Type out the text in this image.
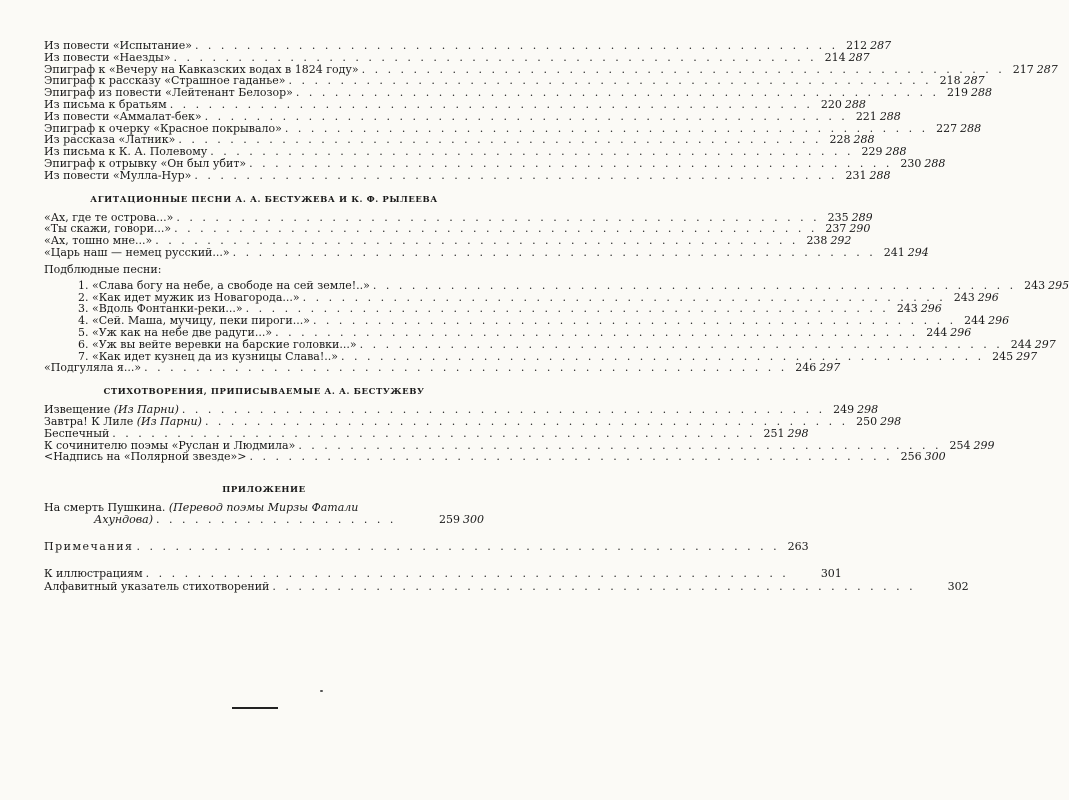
Из повести «Испытание» . . .	212 287
Из повести «Наезды» . . .	214 287
Эпиграф к «Вечеру на Кавказских водах в 1824 году» . . .	217 287
Эпиграф к рассказу «Страшное гаданье» . . .	218 287
Эпиграф из повести «Лейтенант Белозор» . . .	219 288
Из письма к братьям . . .	220 288
Из повести «Аммалат-бек» . . .	221 288
Эпиграф к очерку «Красное покрывало» . . .	227 288
Из рассказа «Латник» . . .	228 288
Из письма к К. А. Полевому . . .	229 288
Эпиграф к отрывку «Он был убит» . . .	230 288
Из повести «Мулла-Нур» . . .	231 288
АГИТАЦИОННЫЕ ПЕСНИ А. А. БЕСТУЖЕВА И К. Ф. РЫЛЕЕВА
«Ах, где те острова...» . . .	235 289
«Ты скажи, говори...» . . .	237 290
«Ах, тошно мне...» . . .	238 292
«Царь наш — немец русский...» . . .	241 294
Подблюдные песни:
1. «Слава богу на небе, а свободе на сей земле!..» . . .	243 295
2. «Как идет мужик из Новагорода...» . . .	243 296
3. «Вдоль Фонтанки-реки...» . . .	243 296
4. «Сей. Маша, мучицу, пеки пироги...» . . .	244 296
5. «Уж как на небе две радуги...» . . .	244 296
6. «Уж вы вейте веревки на барские головки...» . . .	244 297
7. «Как идет кузнец да из кузницы Слава!..» . . .	245 297
«Подгуляла я...» . . .	246 297
СТИХОТВОРЕНИЯ, ПРИПИСЫВАЕМЫЕ А. А. БЕСТУЖЕВУ
Извещение (Из Парни) . . .	249 298
Завтра! К Лиле (Из Парни) . . .	250 298
Беспечный . . .	251 298
К сочинителю поэмы «Руслан и Людмила» . . .	254 299
<Надпись на «Полярной звезде»> . . .	256 300
ПРИЛОЖЕНИЕ
На смерть Пушкина. (Перевод поэмы Мирзы Фатали
Ахундова) . . .	259 300
Примечания . . .	263
К иллюстрациям . . .	301
Алфавитный указатель стихотворений . . .	302
